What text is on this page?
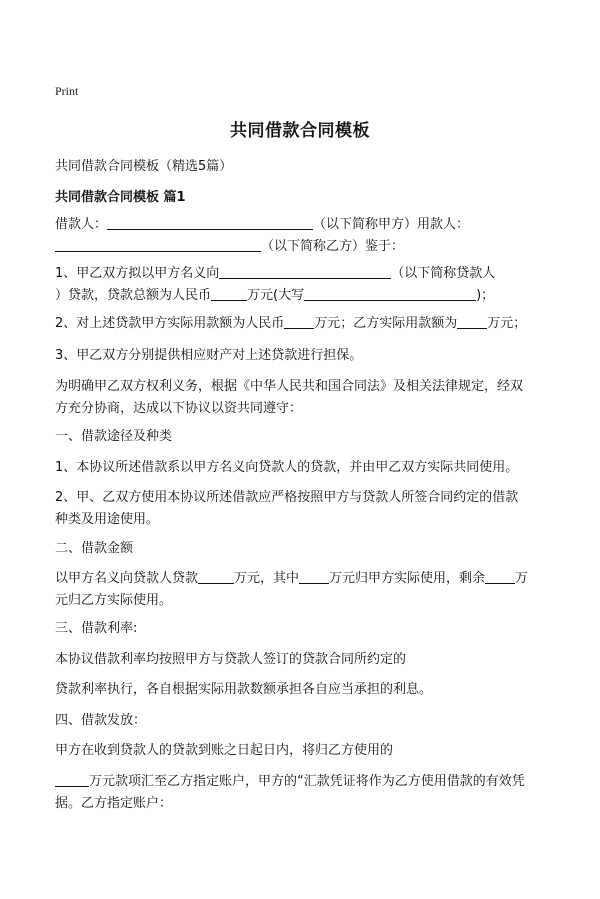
Print
共同借款合同模板
共同借款合同模板（精选5篇）
共同借款合同模板 篇1
借款人：	（以下简称甲方）用款人：
（以下简称乙方）鉴于：
1、甲乙双方拟以甲方名义向	（以下简称贷款人
）贷款，贷款总额为人民币	万元(大写	)；
2、对上述贷款甲方实际用款额为人民币 万元；乙方实际用款额为 万元；
3、甲乙双方分别提供相应财产对上述贷款进行担保。
为明确甲乙双方权利义务，根据《中华人民共和国合同法》及相关法律规定，经双
方充分协商，达成以下协议以资共同遵守：
一、借款途径及种类
1、本协议所述借款系以甲方名义向贷款人的贷款，并由甲乙双方实际共同使用。
2、甲、乙双方使用本协议所述借款应严格按照甲方与贷款人所签合同约定的借款
种类及用途使用。
二、借款金额
以甲方名义向贷款人贷款	万元，其中 万元归甲方实际使用，剩余 万
元归乙方实际使用。
三、借款利率:
本协议借款利率均按照甲方与贷款人签订的贷款合同所约定的
贷款利率执行，各自根据实际用款数额承担各自应当承担的利息。
四、借款发放：
甲方在收到贷款人的贷款到账之日起日内，将归乙方使用的
万元款项汇至乙方指定账户，甲方的“汇款凭证将作为乙方使用借款的有效凭
据。乙方指定账户：
